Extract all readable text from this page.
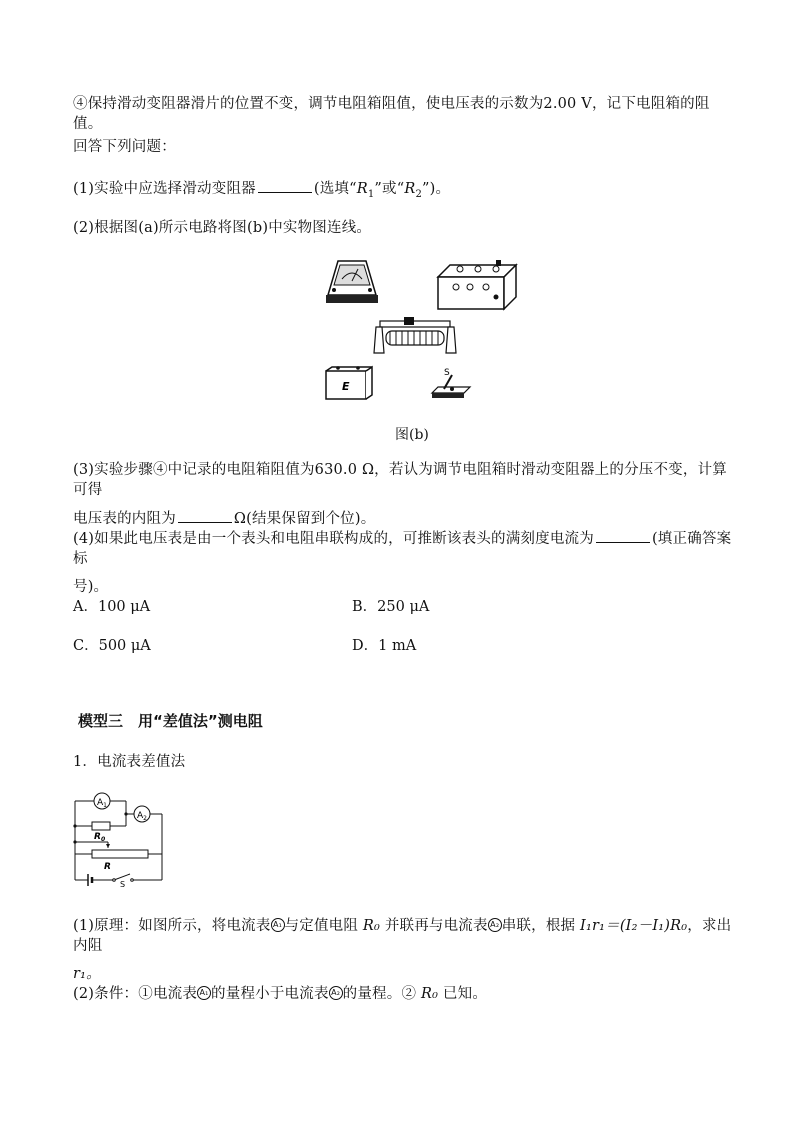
④保持滑动变阻器滑片的位置不变，调节电阻箱阻值，使电压表的示数为2.00 V，记下电阻箱的阻值。
回答下列问题：
(1)实验中应选择滑动变阻器	(选填“$R_1$”或“$R_2$”)。
(2)根据图(a)所示电路将图(b)中实物图连线。
E
S
图(b)
(3)实验步骤④中记录的电阻箱阻值为630.0 Ω，若认为调节电阻箱时滑动变阻器上的分压不变，计算可得
电压表的内阻为	Ω(结果保留到个位)。
(4)如果此电压表是由一个表头和电阻串联构成的，可推断该表头的满刻度电流为	(填正确答案标
号)。
A．100 μA	B．250 μA
C．500 μA	D．1 mA
模型三　用“差值法”测电阻
1．电流表差值法
$A_1$
$A_2$
$R_0$
R
S
(1)原理：如图所示，将电流表 A₁ 与定值电阻 R₀ 并联再与电流表 A₂ 串联，根据 I₁r₁＝(I₂－I₁)R₀，求出内阻
r₁。
(2)条件：①电流表 A₁ 的量程小于电流表 A₂ 的量程。② R₀ 已知。
